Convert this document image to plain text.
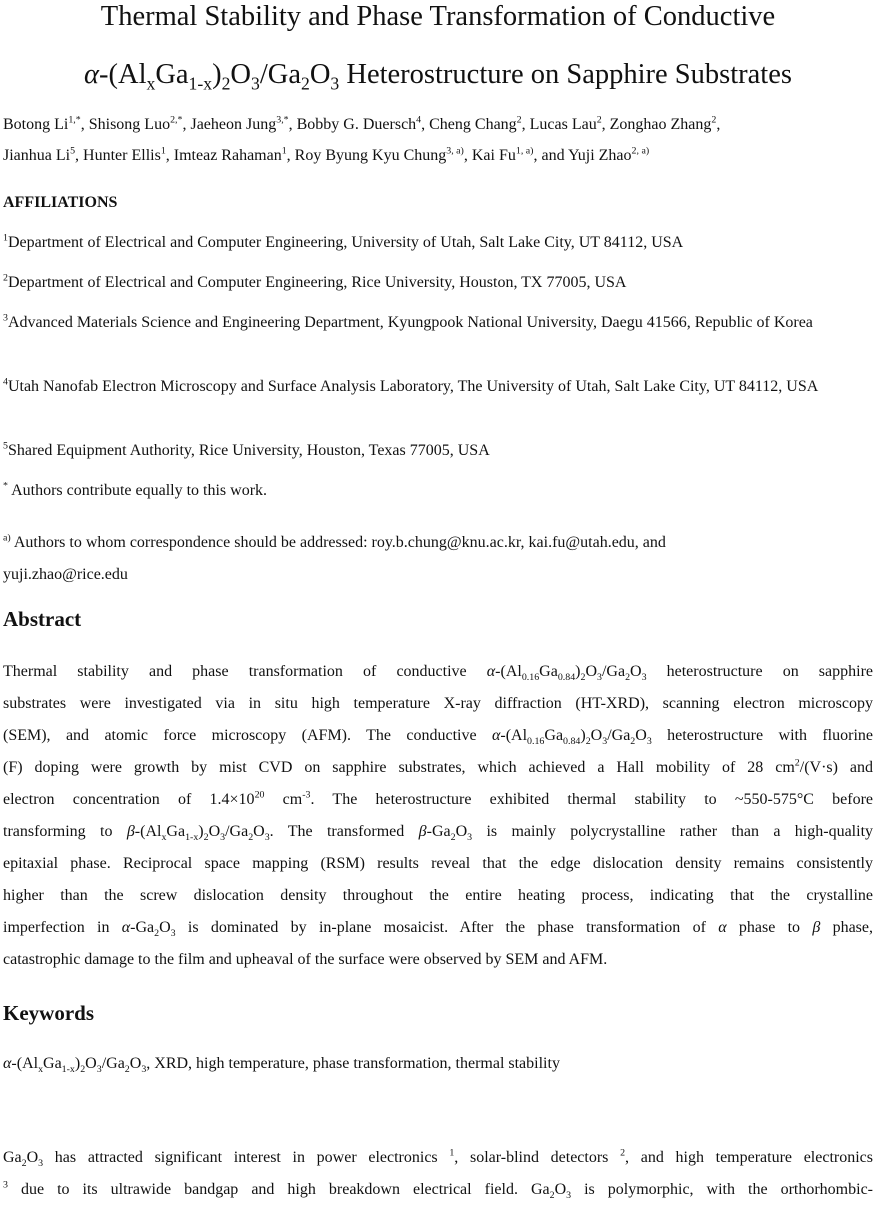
Thermal Stability and Phase Transformation of Conductive
$\alpha-(Al_xGa_{1-x})_2O_3/Ga_2O_3$ Heterostructure on Sapphire Substrates
Botong $Li^{1,*}$, Shisong Luo$^{2,*}$, Jaeheon Jung$^{3,*}$, Bobby G. Duersch$^4$, Cheng Chang$^2$, Lucas Lau$^2$, Zonghao Zhang$^2$,
Jianhua Li$^5$, Hunter Ellis$^1$, Imteaz Rahaman$^1$, Roy Byung Kyu Chung$^{3, a)}$, Kai Fu$^{1, a)}$, and Yuji Zhao$^{2, a)}$
AFFILIATIONS
$^1$Department of Electrical and Computer Engineering, University of Utah, Salt Lake City, UT 84112, USA
$^2$Department of Electrical and Computer Engineering, Rice University, Houston, TX 77005, USA
$^3$Advanced Materials Science and Engineering Department, Kyungpook National University, Daegu 41566, Republic of Korea
$^4$Utah Nanofab Electron Microscopy and Surface Analysis Laboratory, The University of Utah, Salt Lake City, UT 84112, USA
$^5$Shared Equipment Authority, Rice University, Houston, Texas 77005, USA
* Authors contribute equally to this work.
$^{a)}$ Authors to whom correspondence should be addressed: roy.b.chung@knu.ac.kr, kai.fu@utah.edu, and
yuji.zhao@rice.edu
Abstract
Thermal stability and phase transformation of conductive $\alpha-(Al_{0.16}Ga_{0.84})_2O_3/Ga_2O_3$ heterostructure on sapphire
substrates were investigated via in situ high temperature X-ray diffraction (HT-XRD), scanning electron microscopy
(SEM), and atomic force microscopy (AFM). The conductive $\alpha-(Al_{0.16}Ga_{0.84})_2O_3/Ga_2O_3$ heterostructure with fluorine
(F) doping were growth by mist CVD on sapphire substrates, which achieved a Hall mobility of 28 $cm^2/(V\cdot s)$ and
electron concentration of $1.4\times 10^{20}$ $cm^{-3}$. The heterostructure exhibited thermal stability to ~550-575°C before
transforming to $\beta-(Al_xGa_{1-x})_2O_3/Ga_2O_3$. The transformed $\beta-Ga_2O_3$ is mainly polycrystalline rather than a high-quality
epitaxial phase. Reciprocal space mapping (RSM) results reveal that the edge dislocation density remains consistently
higher than the screw dislocation density throughout the entire heating process, indicating that the crystalline
imperfection in $\alpha-Ga_2O_3$ is dominated by in-plane mosaicist. After the phase transformation of α phase to β phase,
catastrophic damage to the film and upheaval of the surface were observed by SEM and AFM.
Keywords
$\alpha-(Al_xGa_{1-x})_2O_3/Ga_2O_3$, XRD, high temperature, phase transformation, thermal stability
$Ga_2O_3$ has attracted significant interest in power electronics $^1$, solar-blind detectors $^2$, and high temperature electronics
$^3$ due to its ultrawide bandgap and high breakdown electrical field. $Ga_2O_3$ is polymorphic, with the orthorhombic-
